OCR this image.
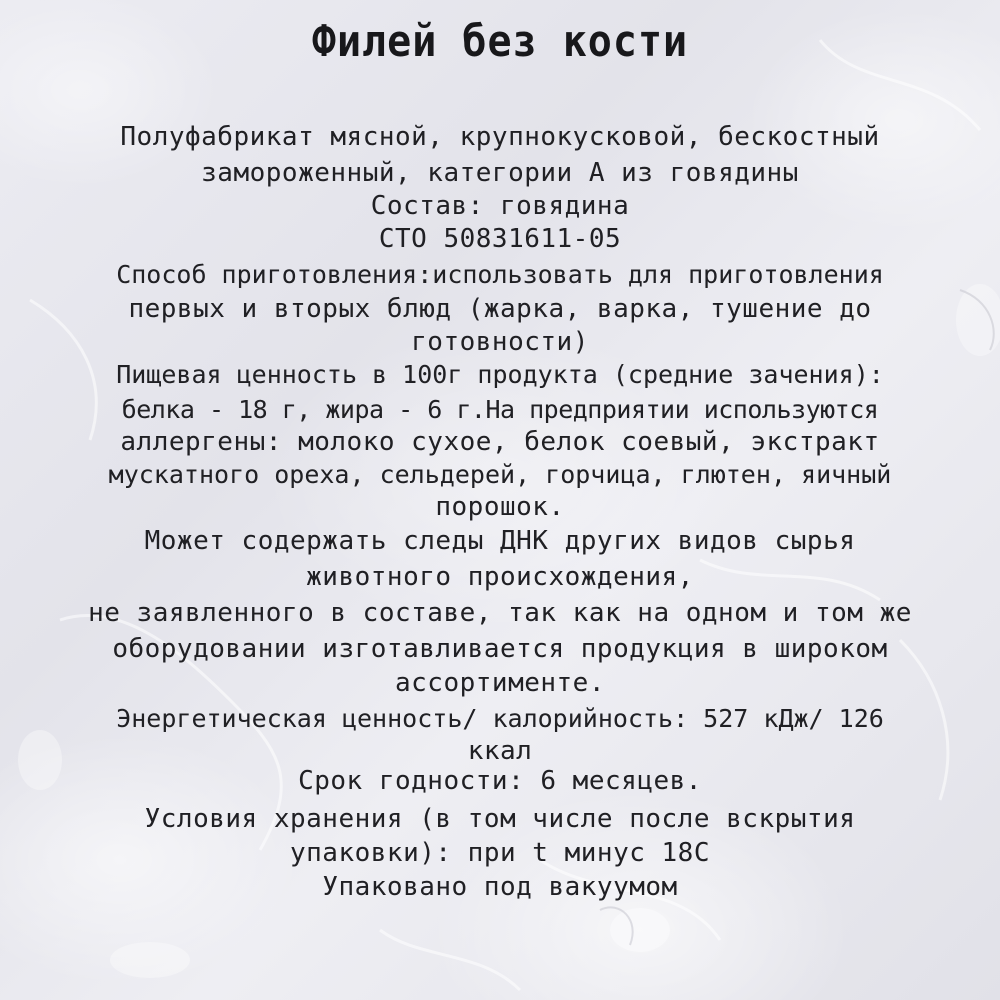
Филей без кости
Полуфабрикат мясной, крупнокусковой, бескостный
замороженный, категории А из говядины
Состав: говядина
СТО 50831611-05
Способ приготовления:использовать для приготовления
первых и вторых блюд (жарка, варка, тушение до
готовности)
Пищевая ценность в 100г продукта (средние зачения):
белка - 18 г, жира - 6 г.На предприятии используются
аллергены: молоко сухое, белок соевый, экстракт
мускатного ореха, сельдерей, горчица, глютен, яичный
порошок.
Может содержать следы ДНК других видов сырья
животного происхождения,
не заявленного в составе, так как на одном и том же
оборудовании изготавливается продукция в широком
ассортименте.
Энергетическая ценность/ калорийность: 527 кДж/ 126
ккал
Срок годности: 6 месяцев.
Условия хранения (в том числе после вскрытия
упаковки): при t минус 18С
Упаковано под вакуумом
